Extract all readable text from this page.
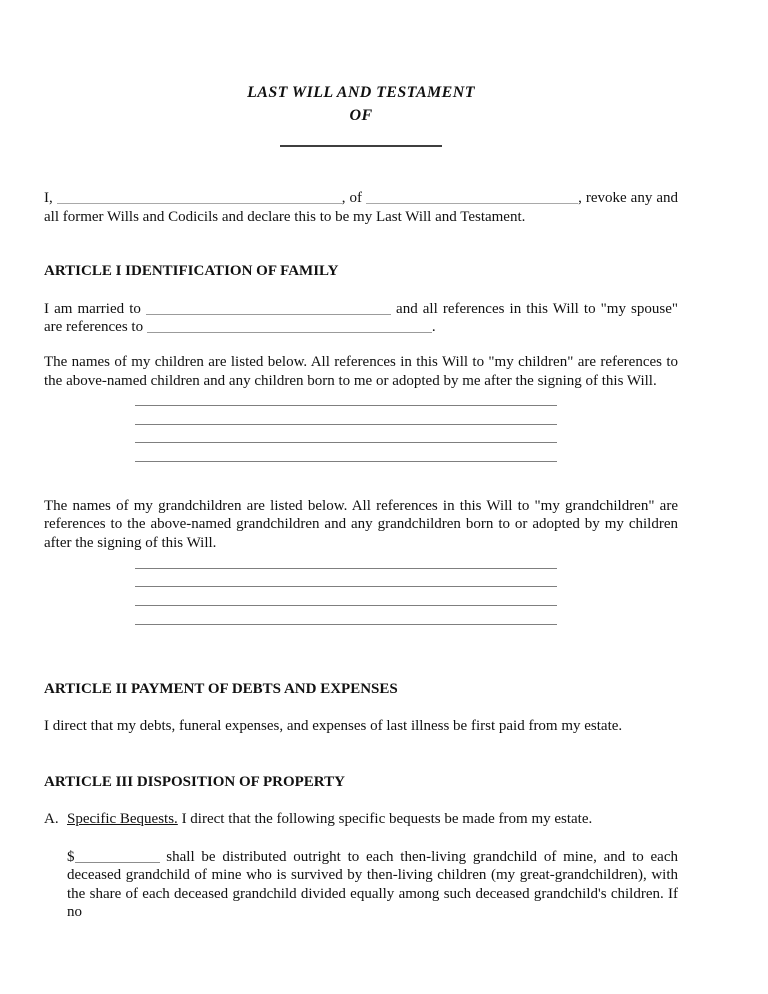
LAST WILL AND TESTAMENT
OF

I,	, of	, revoke any and all former Wills and Codicils and declare this to be my Last Will and Testament.

ARTICLE I IDENTIFICATION OF FAMILY

I am married to	and all references in this Will to "my spouse" are references to	.

The names of my children are listed below. All references in this Will to "my children" are references to the above-named children and any children born to me or adopted by me after the signing of this Will.

The names of my grandchildren are listed below. All references in this Will to "my grandchildren" are references to the above-named grandchildren and any grandchildren born to or adopted by my children after the signing of this Will.

ARTICLE II PAYMENT OF DEBTS AND EXPENSES

I direct that my debts, funeral expenses, and expenses of last illness be first paid from my estate.

ARTICLE III DISPOSITION OF PROPERTY

A. Specific Bequests. I direct that the following specific bequests be made from my estate.

$	shall be distributed outright to each then-living grandchild of mine, and to each deceased grandchild of mine who is survived by then-living children (my great-grandchildren), with the share of each deceased grandchild divided equally among such deceased grandchild's children. If no
